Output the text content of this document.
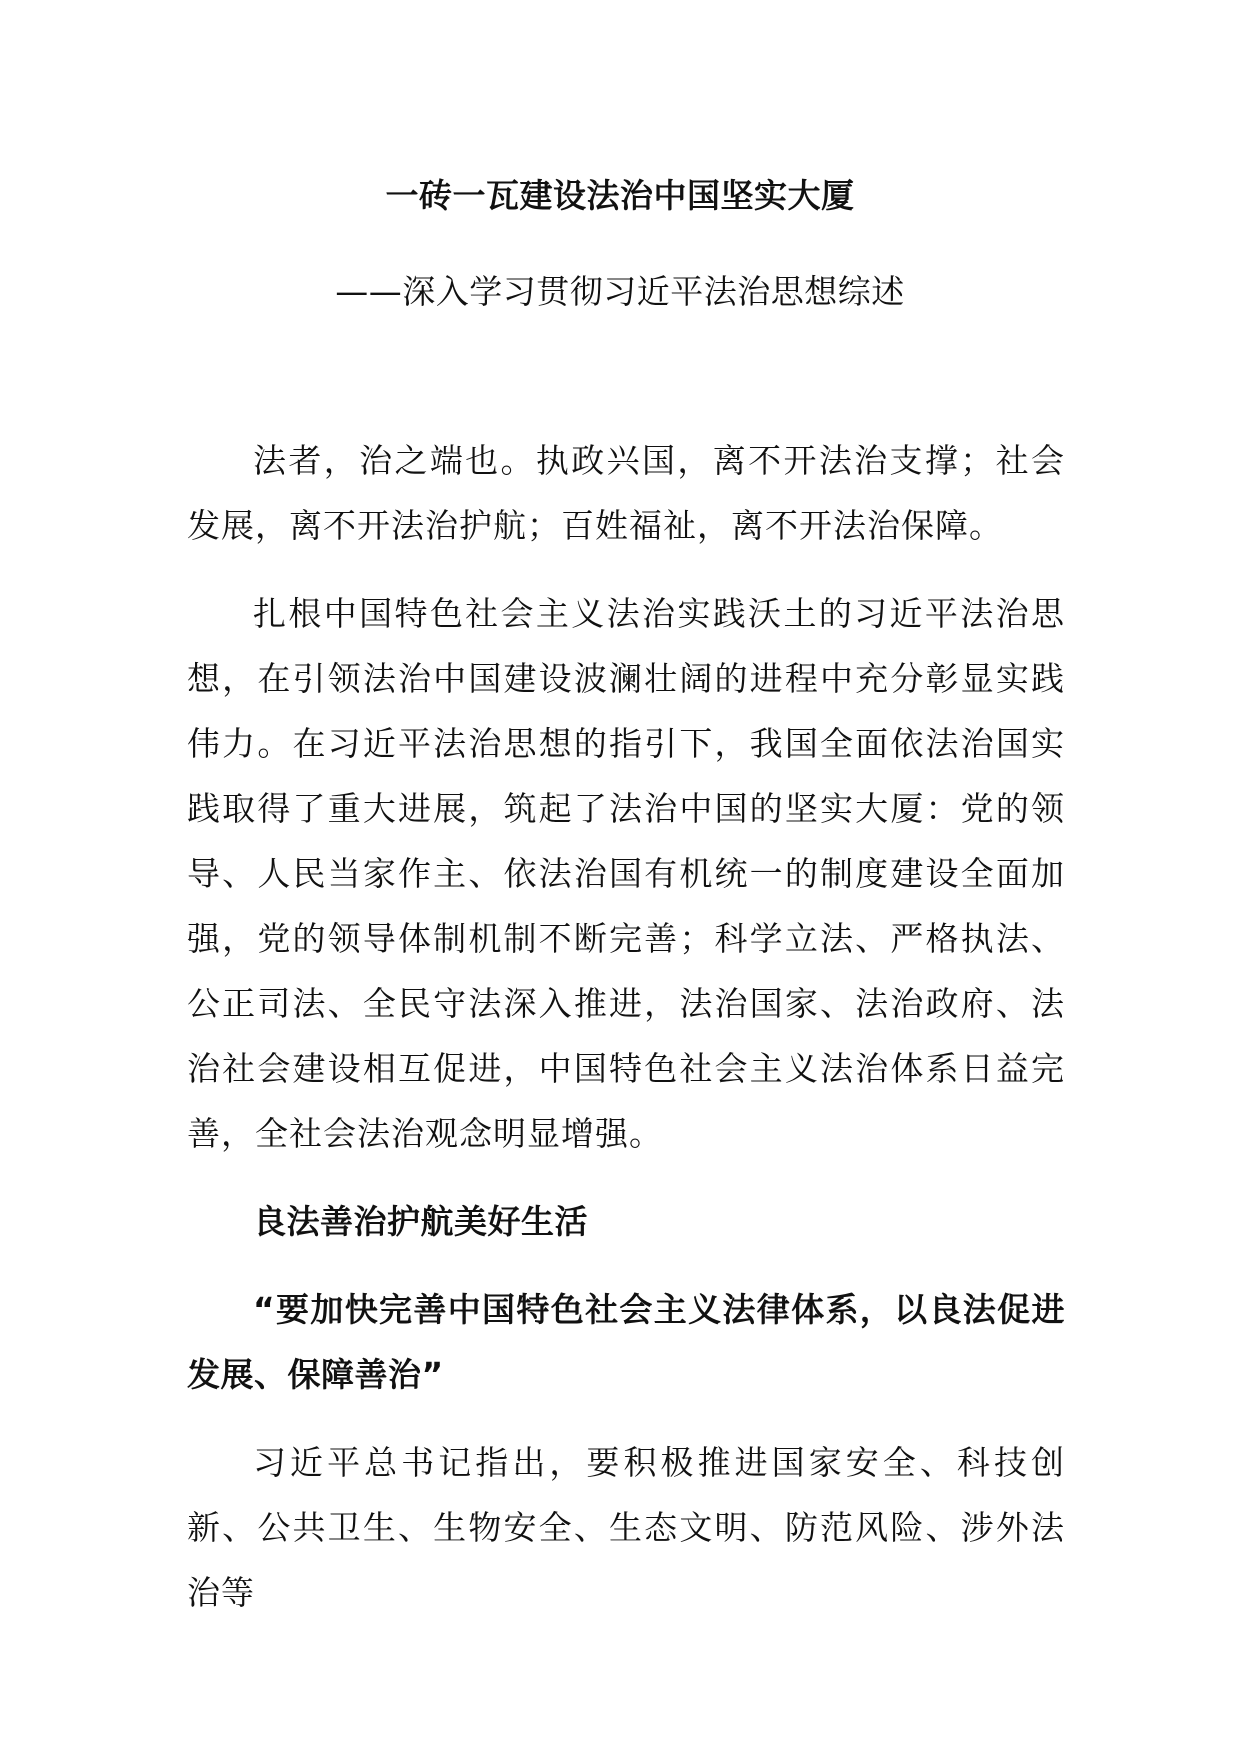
一砖一瓦建设法治中国坚实大厦
——深入学习贯彻习近平法治思想综述

法者，治之端也。执政兴国，离不开法治支撑；社会发展，离不开法治护航；百姓福祉，离不开法治保障。

扎根中国特色社会主义法治实践沃土的习近平法治思想，在引领法治中国建设波澜壮阔的进程中充分彰显实践伟力。在习近平法治思想的指引下，我国全面依法治国实践取得了重大进展，筑起了法治中国的坚实大厦：党的领导、人民当家作主、依法治国有机统一的制度建设全面加强，党的领导体制机制不断完善；科学立法、严格执法、公正司法、全民守法深入推进，法治国家、法治政府、法治社会建设相互促进，中国特色社会主义法治体系日益完善，全社会法治观念明显增强。

良法善治护航美好生活

“要加快完善中国特色社会主义法律体系，以良法促进发展、保障善治”

习近平总书记指出，要积极推进国家安全、科技创新、公共卫生、生物安全、生态文明、防范风险、涉外法治等
